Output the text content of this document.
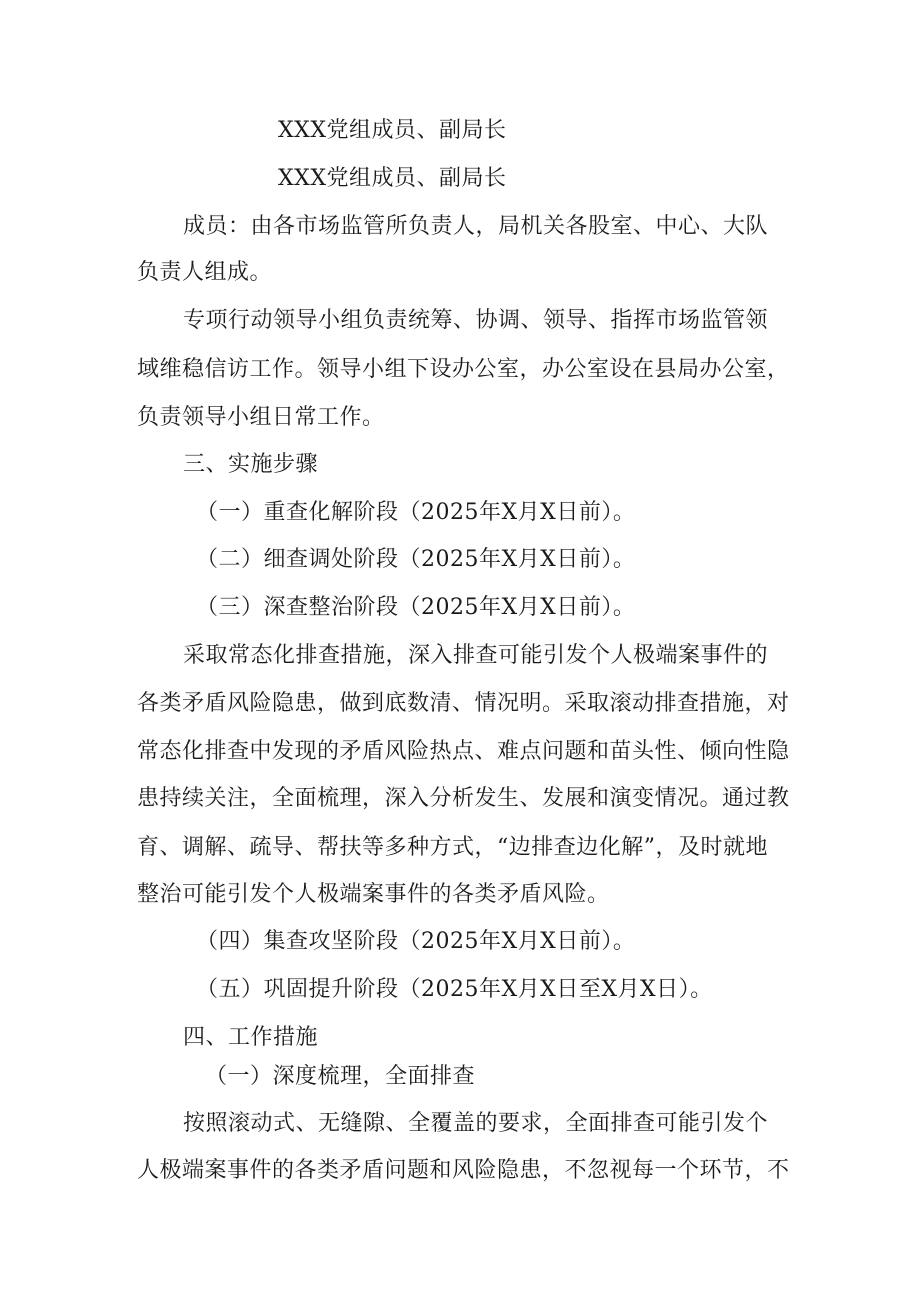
XXX党组成员、副局长
XXX党组成员、副局长
成员：由各市场监管所负责人，局机关各股室、中心、大队
负责人组成。
专项行动领导小组负责统筹、协调、领导、指挥市场监管领
域维稳信访工作。领导小组下设办公室，办公室设在县局办公室，
负责领导小组日常工作。
三、实施步骤
（一）重查化解阶段（2025年X月X日前）。
（二）细查调处阶段（2025年X月X日前）。
（三）深查整治阶段（2025年X月X日前）。
采取常态化排查措施，深入排查可能引发个人极端案事件的
各类矛盾风险隐患，做到底数清、情况明。采取滚动排查措施，对
常态化排查中发现的矛盾风险热点、难点问题和苗头性、倾向性隐
患持续关注，全面梳理，深入分析发生、发展和演变情况。通过教
育、调解、疏导、帮扶等多种方式，“边排查边化解”，及时就地
整治可能引发个人极端案事件的各类矛盾风险。
（四）集查攻坚阶段（2025年X月X日前）。
（五）巩固提升阶段（2025年X月X日至X月X日）。
四、工作措施
（一）深度梳理，全面排查
按照滚动式、无缝隙、全覆盖的要求，全面排查可能引发个
人极端案事件的各类矛盾问题和风险隐患，不忽视每一个环节，不
